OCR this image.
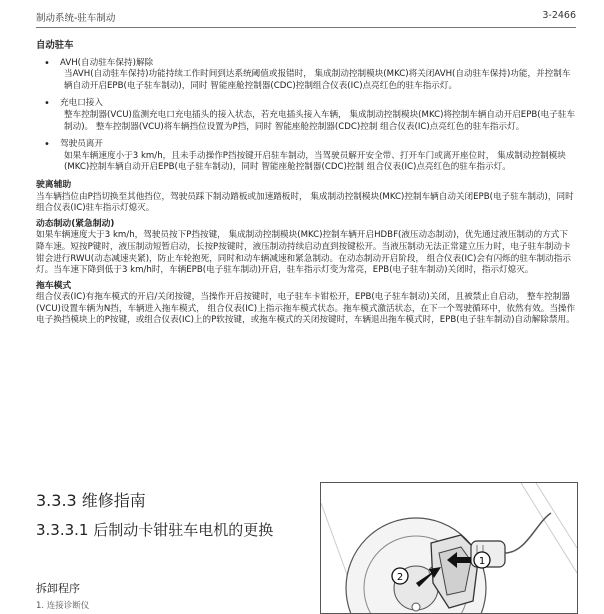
制动系统-驻车制动	3-2466
自动驻车
• AVH(自动驻车保持)解除
当AVH(自动驻车保持)功能持续工作时间到达系统阈值或报错时， 集成制动控制模块(MKC)将关闭AVH(自动驻车保持)功能，并控制车辆自动开启EPB(电子驻车制动)，同时 智能座舱控制器(CDC)控制组合仪表(IC)点亮红色的驻车指示灯。
• 充电口接入
整车控制器(VCU)监测充电口充电插头的接入状态，若充电插头接入车辆， 集成制动控制模块(MKC)将控制车辆自动开启EPB(电子驻车制动)。 整车控制器(VCU)将车辆挡位设置为P挡，同时 智能座舱控制器(CDC)控制 组合仪表(IC)点亮红色的驻车指示灯。
• 驾驶员离开
如果车辆速度小于3 km/h，且未手动操作P挡按键开启驻车制动，当驾驶员解开安全带、打开车门或离开座位时， 集成制动控制模块(MKC)控制车辆自动开启EPB(电子驻车制动)，同时 智能座舱控制器(CDC)控制 组合仪表(IC)点亮红色的驻车指示灯。
驶离辅助

当车辆挡位由P挡切换至其他挡位，驾驶员踩下制动踏板或加速踏板时， 集成制动控制模块(MKC)控制车辆自动关闭EPB(电子驻车制动)，同时 组合仪表(IC)驻车指示灯熄灭。

动态制动(紧急制动)

如果车辆速度大于3 km/h，驾驶员按下P挡按键， 集成制动控制模块(MKC)控制车辆开启HDBF(液压动态制动)，优先通过液压制动的方式下降车速。短按P键时，液压制动短暂启动，长按P按键时，液压制动持续启动直到按键松开。当液压制动无法正常建立压力时，电子驻车制动卡钳会进行RWU(动态减速夹紧)，防止车轮抱死，同时和动车辆减速和紧急制动。在动态制动开启阶段， 组合仪表(IC)会有闪烁的驻车制动指示灯。当车速下降到低于3 km/h时，车辆EPB(电子驻车制动)开启，驻车指示灯变为常亮，EPB(电子驻车制动)关闭时，指示灯熄灭。

拖车模式

组合仪表(IC)有拖车模式的开启/关闭按键，当操作开启按键时，电子驻车卡钳松开，EPB(电子驻车制动)关闭，且被禁止自启动， 整车控制器(VCU)设置车辆为N挡，车辆进入拖车模式， 组合仪表(IC)上指示拖车模式状态。拖车模式激活状态，在下一个驾驶循环中，依然有效。当操作电子换挡模块上的P按键，或组合仪表(IC)上的P软按键，或拖车模式的关闭按键时，车辆退出拖车模式时，EPB(电子驻车制动)自动解除禁用。

3.3.3 维修指南
3.3.3.1 后制动卡钳驻车电机的更换
拆卸程序
1. 连接诊断仪
1
2
